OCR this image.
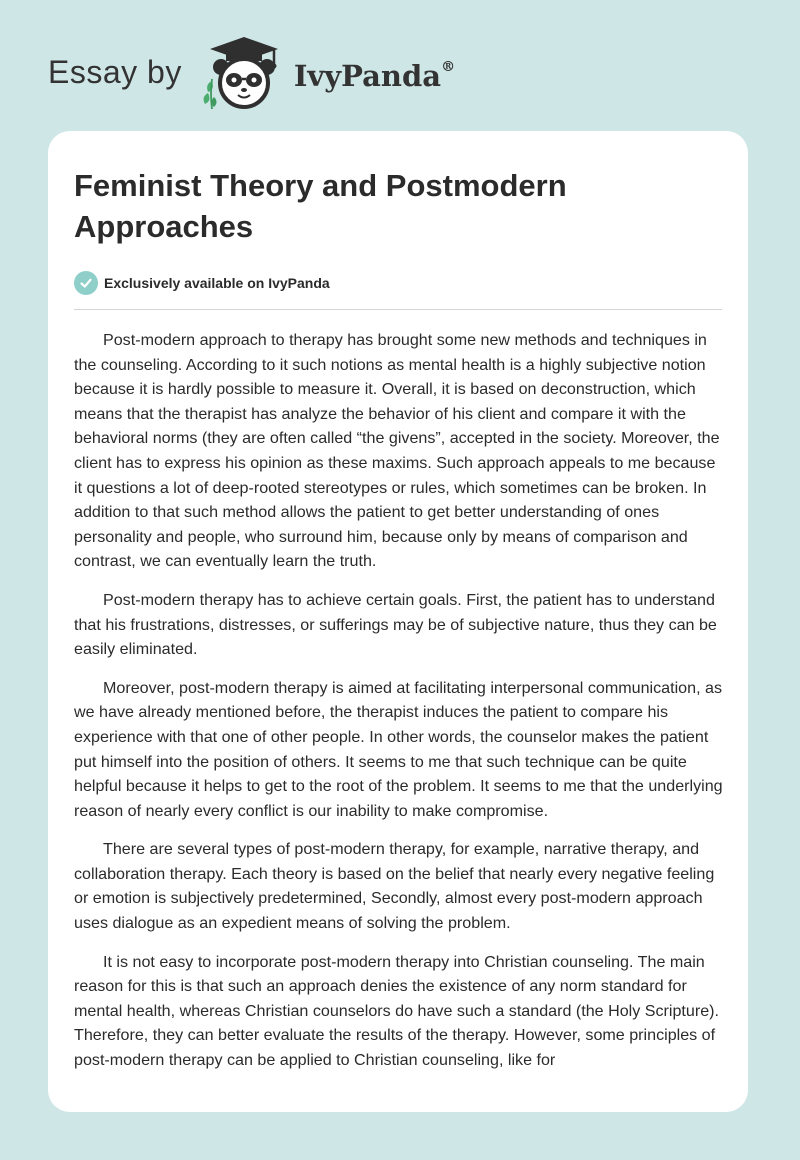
Essay by	IvyPanda®
Feminist Theory and Postmodern Approaches
Exclusively available on IvyPanda

Post-modern approach to therapy has brought some new methods and techniques in the counseling. According to it such notions as mental health is a highly subjective notion because it is hardly possible to measure it. Overall, it is based on deconstruction, which means that the therapist has analyze the behavior of his client and compare it with the behavioral norms (they are often called “the givens”, accepted in the society. Moreover, the client has to express his opinion as these maxims. Such approach appeals to me because it questions a lot of deep-rooted stereotypes or rules, which sometimes can be broken. In addition to that such method allows the patient to get better understanding of ones personality and people, who surround him, because only by means of comparison and contrast, we can eventually learn the truth.

Post-modern therapy has to achieve certain goals. First, the patient has to understand that his frustrations, distresses, or sufferings may be of subjective nature, thus they can be easily eliminated.

Moreover, post-modern therapy is aimed at facilitating interpersonal communication, as we have already mentioned before, the therapist induces the patient to compare his experience with that one of other people. In other words, the counselor makes the patient put himself into the position of others. It seems to me that such technique can be quite helpful because it helps to get to the root of the problem. It seems to me that the underlying reason of nearly every conflict is our inability to make compromise.

There are several types of post-modern therapy, for example, narrative therapy, and collaboration therapy. Each theory is based on the belief that nearly every negative feeling or emotion is subjectively predetermined, Secondly, almost every post-modern approach uses dialogue as an expedient means of solving the problem.

It is not easy to incorporate post-modern therapy into Christian counseling. The main reason for this is that such an approach denies the existence of any norm standard for mental health, whereas Christian counselors do have such a standard (the Holy Scripture). Therefore, they can better evaluate the results of the therapy. However, some principles of post-modern therapy can be applied to Christian counseling, like for
